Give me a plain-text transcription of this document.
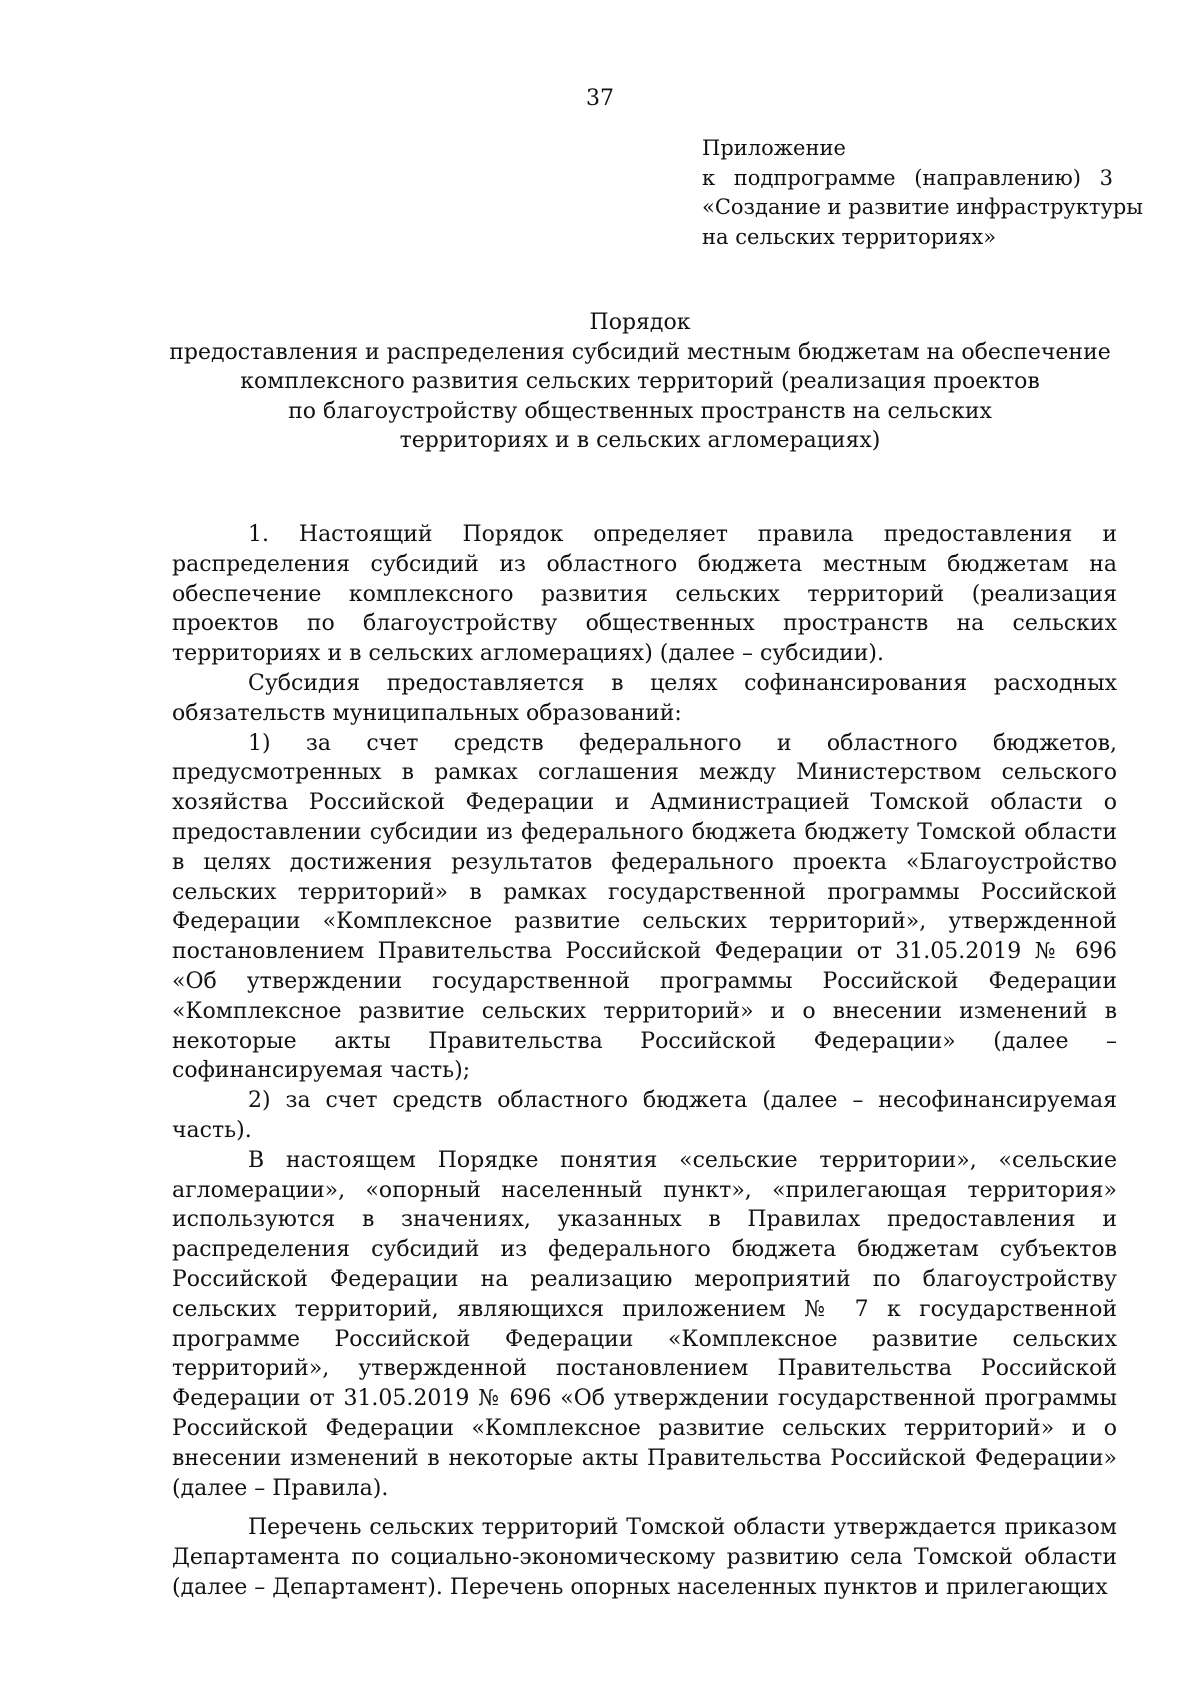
37
Приложение
к подпрограмме (направлению) 3
«Создание и развитие инфраструктуры
на сельских территориях»
Порядок
предоставления и распределения субсидий местным бюджетам на обеспечение
комплексного развития сельских территорий (реализация проектов
по благоустройству общественных пространств на сельских
территориях и в сельских агломерациях)

1. Настоящий Порядок определяет правила предоставления и распределения субсидий из областного бюджета местным бюджетам на обеспечение комплексного развития сельских территорий (реализация проектов по благоустройству общественных пространств на сельских территориях и в сельских агломерациях) (далее – субсидии).

Субсидия предоставляется в целях софинансирования расходных обязательств муниципальных образований:

1) за счет средств федерального и областного бюджетов, предусмотренных в рамках соглашения между Министерством сельского хозяйства Российской Федерации и Администрацией Томской области о предоставлении субсидии из федерального бюджета бюджету Томской области в целях достижения результатов федерального проекта «Благоустройство сельских территорий» в рамках государственной программы Российской Федерации «Комплексное развитие сельских территорий», утвержденной постановлением Правительства Российской Федерации от 31.05.2019 № 696 «Об утверждении государственной программы Российской Федерации «Комплексное развитие сельских территорий» и о внесении изменений в некоторые акты Правительства Российской Федерации» (далее – софинансируемая часть);

2) за счет средств областного бюджета (далее – несофинансируемая часть).

В настоящем Порядке понятия «сельские территории», «сельские агломерации», «опорный населенный пункт», «прилегающая территория» используются в значениях, указанных в Правилах предоставления и распределения субсидий из федерального бюджета бюджетам субъектов Российской Федерации на реализацию мероприятий по благоустройству сельских территорий, являющихся приложением № 7 к государственной программе Российской Федерации «Комплексное развитие сельских территорий», утвержденной постановлением Правительства Российской Федерации от 31.05.2019 № 696 «Об утверждении государственной программы Российской Федерации «Комплексное развитие сельских территорий» и о внесении изменений в некоторые акты Правительства Российской Федерации» (далее – Правила).

Перечень сельских территорий Томской области утверждается приказом Департамента по социально-экономическому развитию села Томской области (далее – Департамент). Перечень опорных населенных пунктов и прилегающих
